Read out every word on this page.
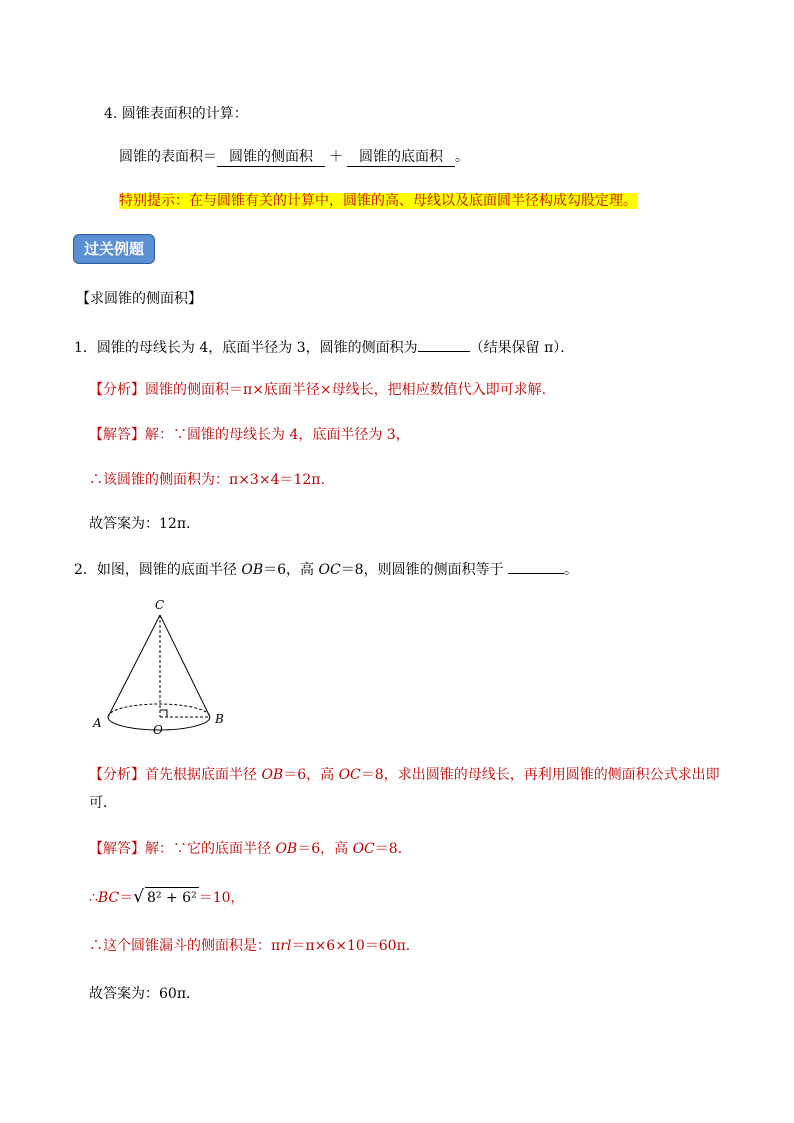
4. 圆锥表面积的计算：
圆锥的表面积＝ 圆锥的侧面积 ＋ 圆锥的底面积 。
特别提示：在与圆锥有关的计算中，圆锥的高、母线以及底面圆半径构成勾股定理。
过关例题
【求圆锥的侧面积】
1．圆锥的母线长为 4，底面半径为 3，圆锥的侧面积为	（结果保留 π）．
【分析】圆锥的侧面积＝π×底面半径×母线长，把相应数值代入即可求解.
【解答】解：∵圆锥的母线长为 4，底面半径为 3，
∴该圆锥的侧面积为：π×3×4＝12π.
故答案为：12π.
2．如图，圆锥的底面半径 OB＝6，高 OC＝8，则圆锥的侧面积等于	。
C
A	B
O
【分析】首先根据底面半径 OB＝6，高 OC＝8，求出圆锥的母线长，再利用圆锥的侧面积公式求出即
可．
【解答】解：∵它的底面半径 OB＝6，高 OC＝8．
∴BC＝√ 8² + 6² ＝10，
∴这个圆锥漏斗的侧面积是：πrl＝π×6×10＝60π.
故答案为：60π.
